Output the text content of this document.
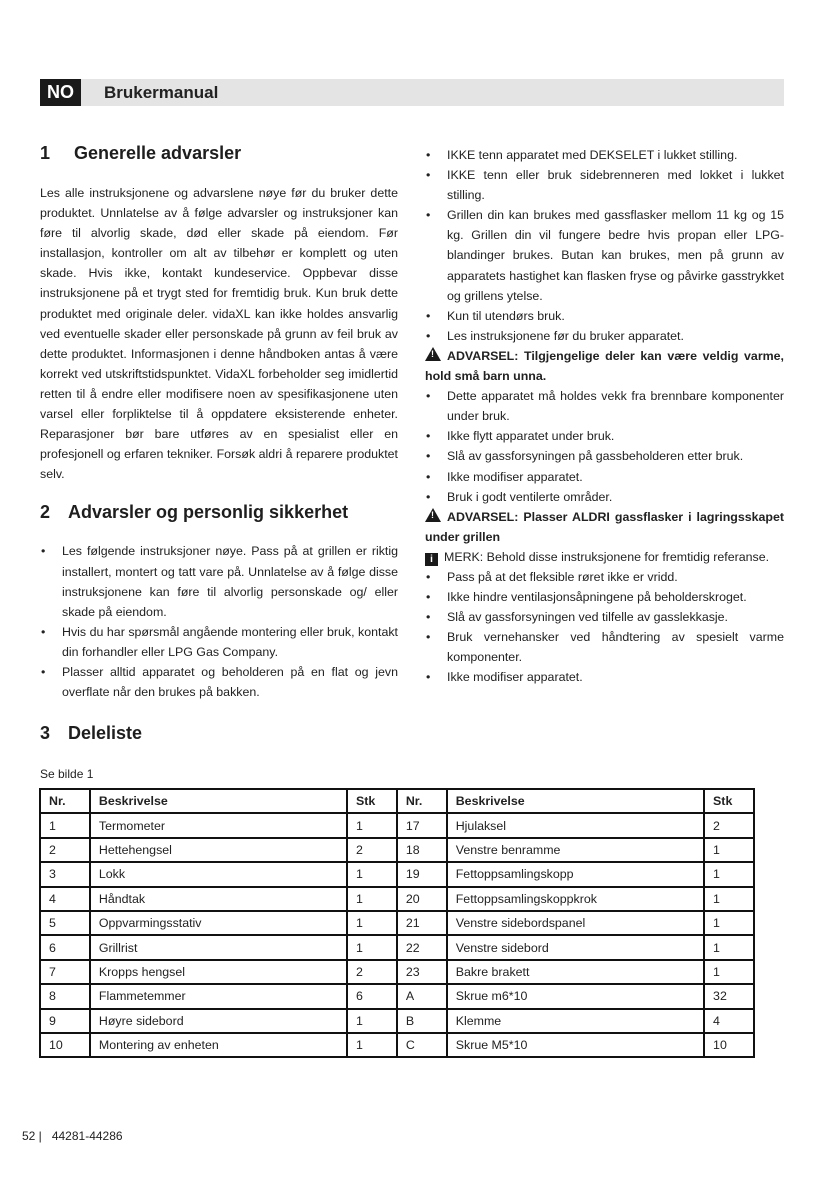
NO	Brukermanual
1 Generelle advarsler

Les alle instruksjonene og advarslene nøye før du bruker dette produktet. Unnlatelse av å følge advarsler og instruksjoner kan føre til alvorlig skade, død eller skade på eiendom. Før installasjon, kontroller om alt av tilbehør er komplett og uten skade. Hvis ikke, kontakt kundeservice. Oppbevar disse instruksjonene på et trygt sted for fremtidig bruk. Kun bruk dette produktet med originale deler. vidaXL kan ikke holdes ansvarlig ved eventuelle skader eller personskade på grunn av feil bruk av dette produktet. Informasjonen i denne håndboken antas å være korrekt ved utskriftstidspunktet. VidaXL forbeholder seg imidlertid retten til å endre eller modifisere noen av spesifikasjonene uten varsel eller forpliktelse til å oppdatere eksisterende enheter. Reparasjoner bør bare utføres av en spesialist eller en profesjonell og erfaren tekniker. Forsøk aldri å reparere produktet selv.

2 Advarsler og personlig sikkerhet
• Les følgende instruksjoner nøye. Pass på at grillen er riktig installert, montert og tatt vare på. Unnlatelse av å følge disse instruksjonene kan føre til alvorlig personskade og/ eller skade på eiendom.
• Hvis du har spørsmål angående montering eller bruk, kontakt din forhandler eller LPG Gas Company.
• Plasser alltid apparatet og beholderen på en flat og jevn overflate når den brukes på bakken.
• IKKE tenn apparatet med DEKSELET i lukket stilling.
• IKKE tenn eller bruk sidebrenneren med lokket i lukket stilling.
• Grillen din kan brukes med gassflasker mellom 11 kg og 15 kg. Grillen din vil fungere bedre hvis propan eller LPG-blandinger brukes. Butan kan brukes, men på grunn av apparatets hastighet kan flasken fryse og påvirke gasstrykket og grillens ytelse.
• Kun til utendørs bruk.
• Les instruksjonene før du bruker apparatet.

!ADVARSEL: Tilgjengelige deler kan være veldig varme, hold små barn unna.

• Dette apparatet må holdes vekk fra brennbare komponenter under bruk.
• Ikke flytt apparatet under bruk.
• Slå av gassforsyningen på gassbeholderen etter bruk.
• Ikke modifiser apparatet.
• Bruk i godt ventilerte områder.

!ADVARSEL: Plasser ALDRI gassflasker i lagringsskapet under grillen

i MERK: Behold disse instruksjonene for fremtidig referanse.

• Pass på at det fleksible røret ikke er vridd.
• Ikke hindre ventilasjonsåpningene på beholderskroget.
• Slå av gassforsyningen ved tilfelle av gasslekkasje.
• Bruk vernehansker ved håndtering av spesielt varme komponenter.
• Ikke modifiser apparatet.
3 Deleliste
Se bilde 1
Nr.	Beskrivelse	Stk	Nr.	Beskrivelse	Stk
1	Termometer	1	17	Hjulaksel	2
2	Hettehengsel	2	18	Venstre benramme	1
3	Lokk	1	19	Fettoppsamlingskopp	1
4	Håndtak	1	20	Fettoppsamlingskoppkrok	1
5	Oppvarmingsstativ	1	21	Venstre sidebordspanel	1
6	Grillrist	1	22	Venstre sidebord	1
7	Kropps hengsel	2	23	Bakre brakett	1
8	Flammetemmer	6	A	Skrue m6*10	32
9	Høyre sidebord	1	B	Klemme	4
10	Montering av enheten	1	C	Skrue M5*10	10
52 | 44281-44286
